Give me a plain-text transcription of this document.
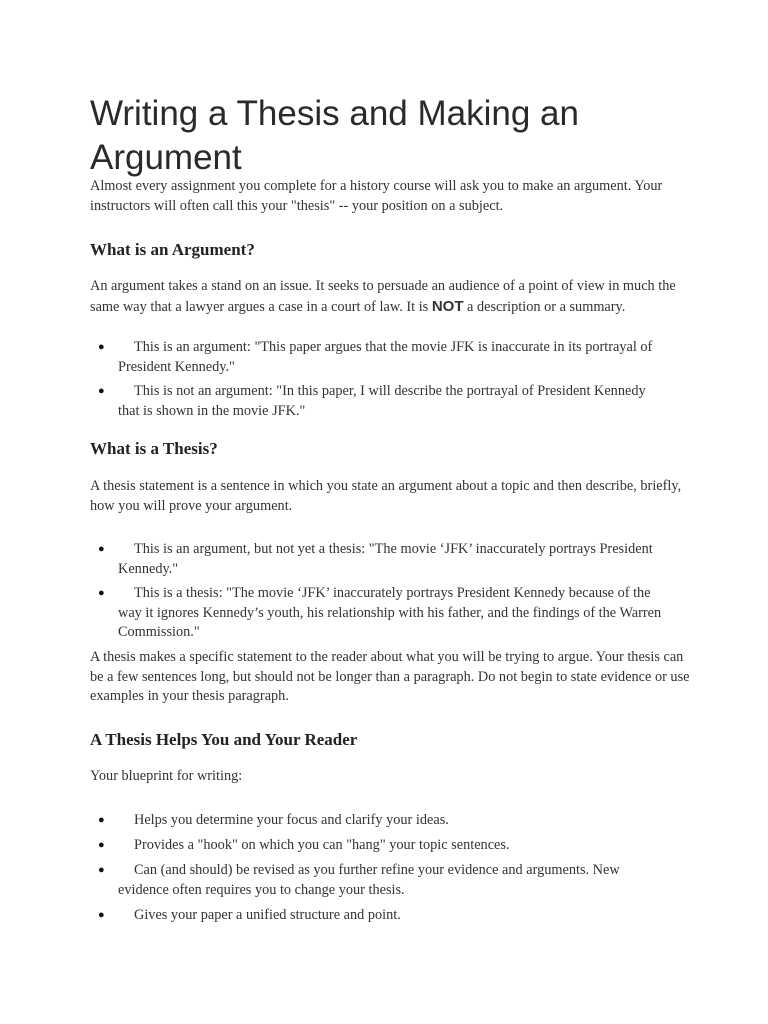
Writing a Thesis and Making an Argument

Almost every assignment you complete for a history course will ask you to make an argument. Your instructors will often call this your "thesis" -- your position on a subject.

What is an Argument?

An argument takes a stand on an issue. It seeks to persuade an audience of a point of view in much the same way that a lawyer argues a case in a court of law. It is NOT a description or a summary.

●	This is an argument: "This paper argues that the movie JFK is inaccurate in its portrayal of President Kennedy."
●	This is not an argument: "In this paper, I will describe the portrayal of President Kennedy that is shown in the movie JFK."
What is a Thesis?

A thesis statement is a sentence in which you state an argument about a topic and then describe, briefly, how you will prove your argument.

●	This is an argument, but not yet a thesis: "The movie ‘JFK’ inaccurately portrays President Kennedy."
●	This is a thesis: "The movie ‘JFK’ inaccurately portrays President Kennedy because of the way it ignores Kennedy’s youth, his relationship with his father, and the findings of the Warren Commission."

A thesis makes a specific statement to the reader about what you will be trying to argue. Your thesis can be a few sentences long, but should not be longer than a paragraph. Do not begin to state evidence or use examples in your thesis paragraph.

A Thesis Helps You and Your Reader

Your blueprint for writing:

●	Helps you determine your focus and clarify your ideas.
●	Provides a "hook" on which you can "hang" your topic sentences.
●	Can (and should) be revised as you further refine your evidence and arguments. New evidence often requires you to change your thesis.
●	Gives your paper a unified structure and point.
